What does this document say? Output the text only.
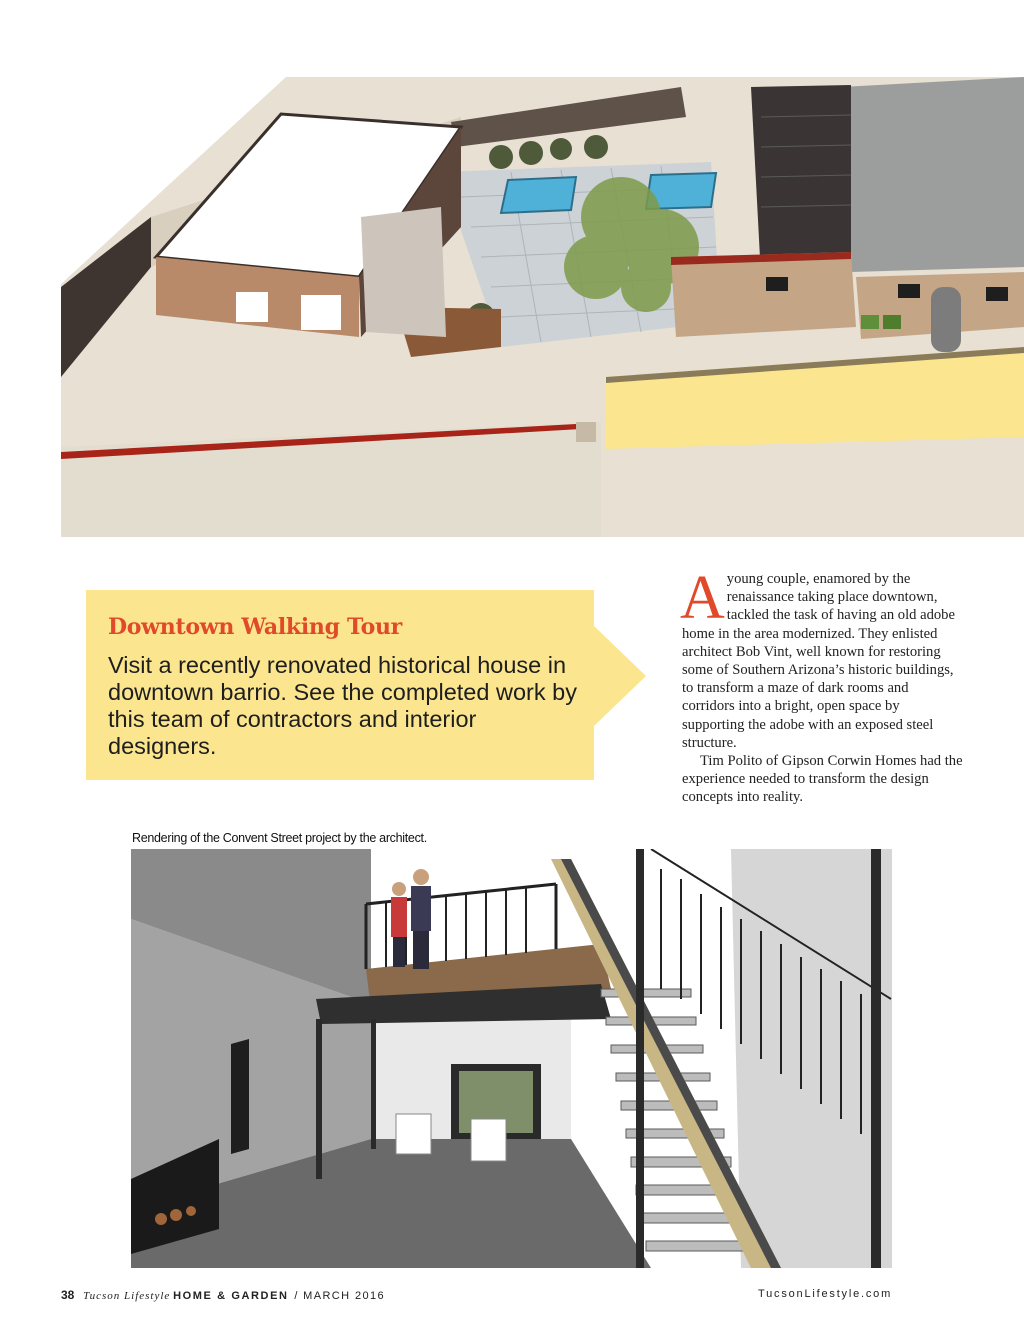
Downtown Walking Tour
Visit a recently renovated historical house in downtown barrio. See the completed work by this team of contractors and interior designers.

Ayoung couple, enamored by the renaissance taking place downtown, tackled the task of having an old adobe home in the area modernized. They enlisted architect Bob Vint, well known for restoring some of Southern Arizona’s historic buildings, to transform a maze of dark rooms and corridors into a bright, open space by supporting the adobe with an exposed steel structure.

Tim Polito of Gipson Corwin Homes had the experience needed to transform the design concepts into reality.

Rendering of the Convent Street project by the architect.
38 Tucson Lifestyle HOME & GARDEN / MARCH 2016	TucsonLifestyle.com
